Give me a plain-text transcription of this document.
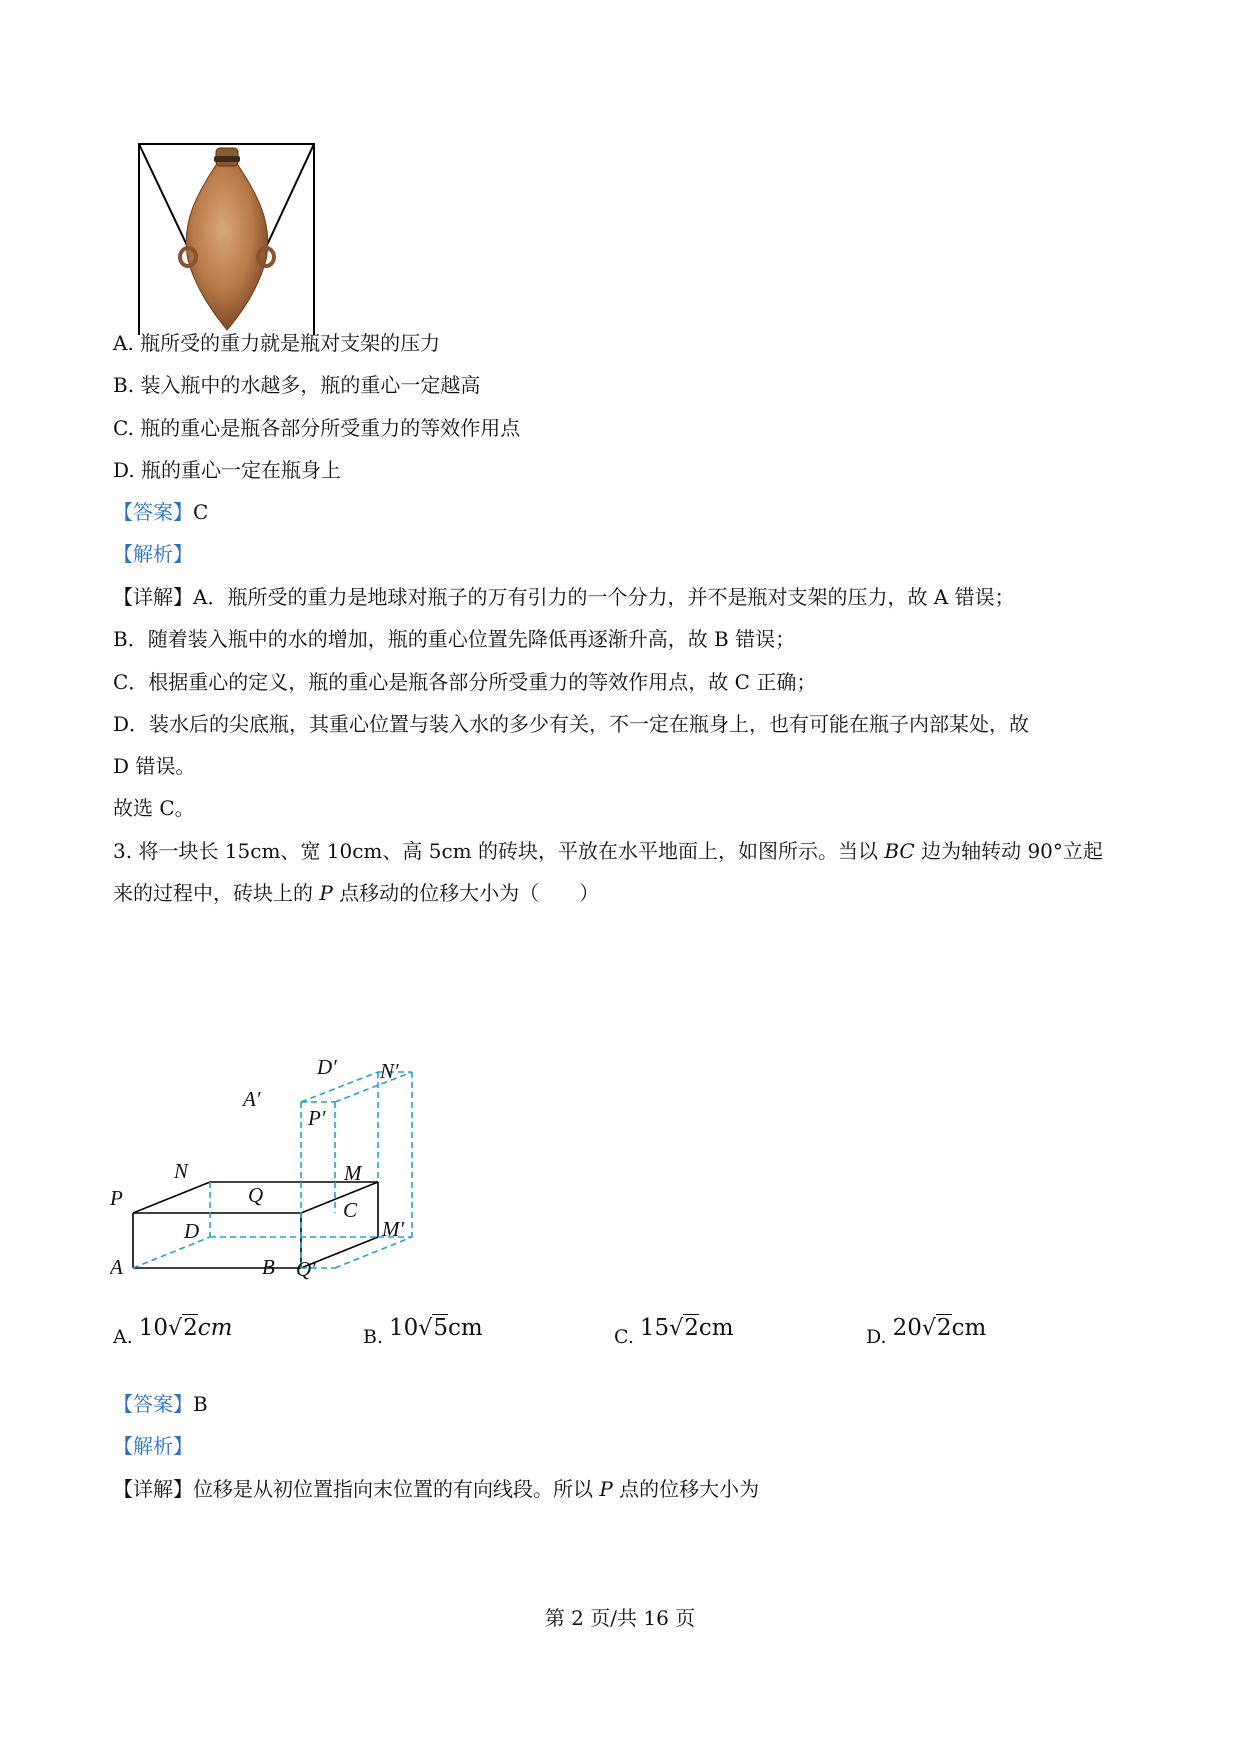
A. 瓶所受的重力就是瓶对支架的压力
B. 装入瓶中的水越多，瓶的重心一定越高
C. 瓶的重心是瓶各部分所受重力的等效作用点
D. 瓶的重心一定在瓶身上
【答案】C
【解析】
【详解】A．瓶所受的重力是地球对瓶子的万有引力的一个分力，并不是瓶对支架的压力，故 A 错误；
B．随着装入瓶中的水的增加，瓶的重心位置先降低再逐渐升高，故 B 错误；
C．根据重心的定义，瓶的重心是瓶各部分所受重力的等效作用点，故 C 正确；
D．装水后的尖底瓶，其重心位置与装入水的多少有关，不一定在瓶身上，也有可能在瓶子内部某处，故
D 错误。
故选 C。
3. 将一块长 15cm、宽 10cm、高 5cm 的砖块，平放在水平地面上，如图所示。当以 BC 边为轴转动 90°立起
来的过程中，砖块上的 P 点移动的位移大小为（　　）
P
N
Q
M
C
D
A	B Q′
M′
A′
D′ N′
P′
A. 10√2cm	B. 10√5cm	C. 15√2cm	D. 20√2cm
【答案】B
【解析】
【详解】位移是从初位置指向末位置的有向线段。所以 P 点的位移大小为
第 2 页/共 16 页
